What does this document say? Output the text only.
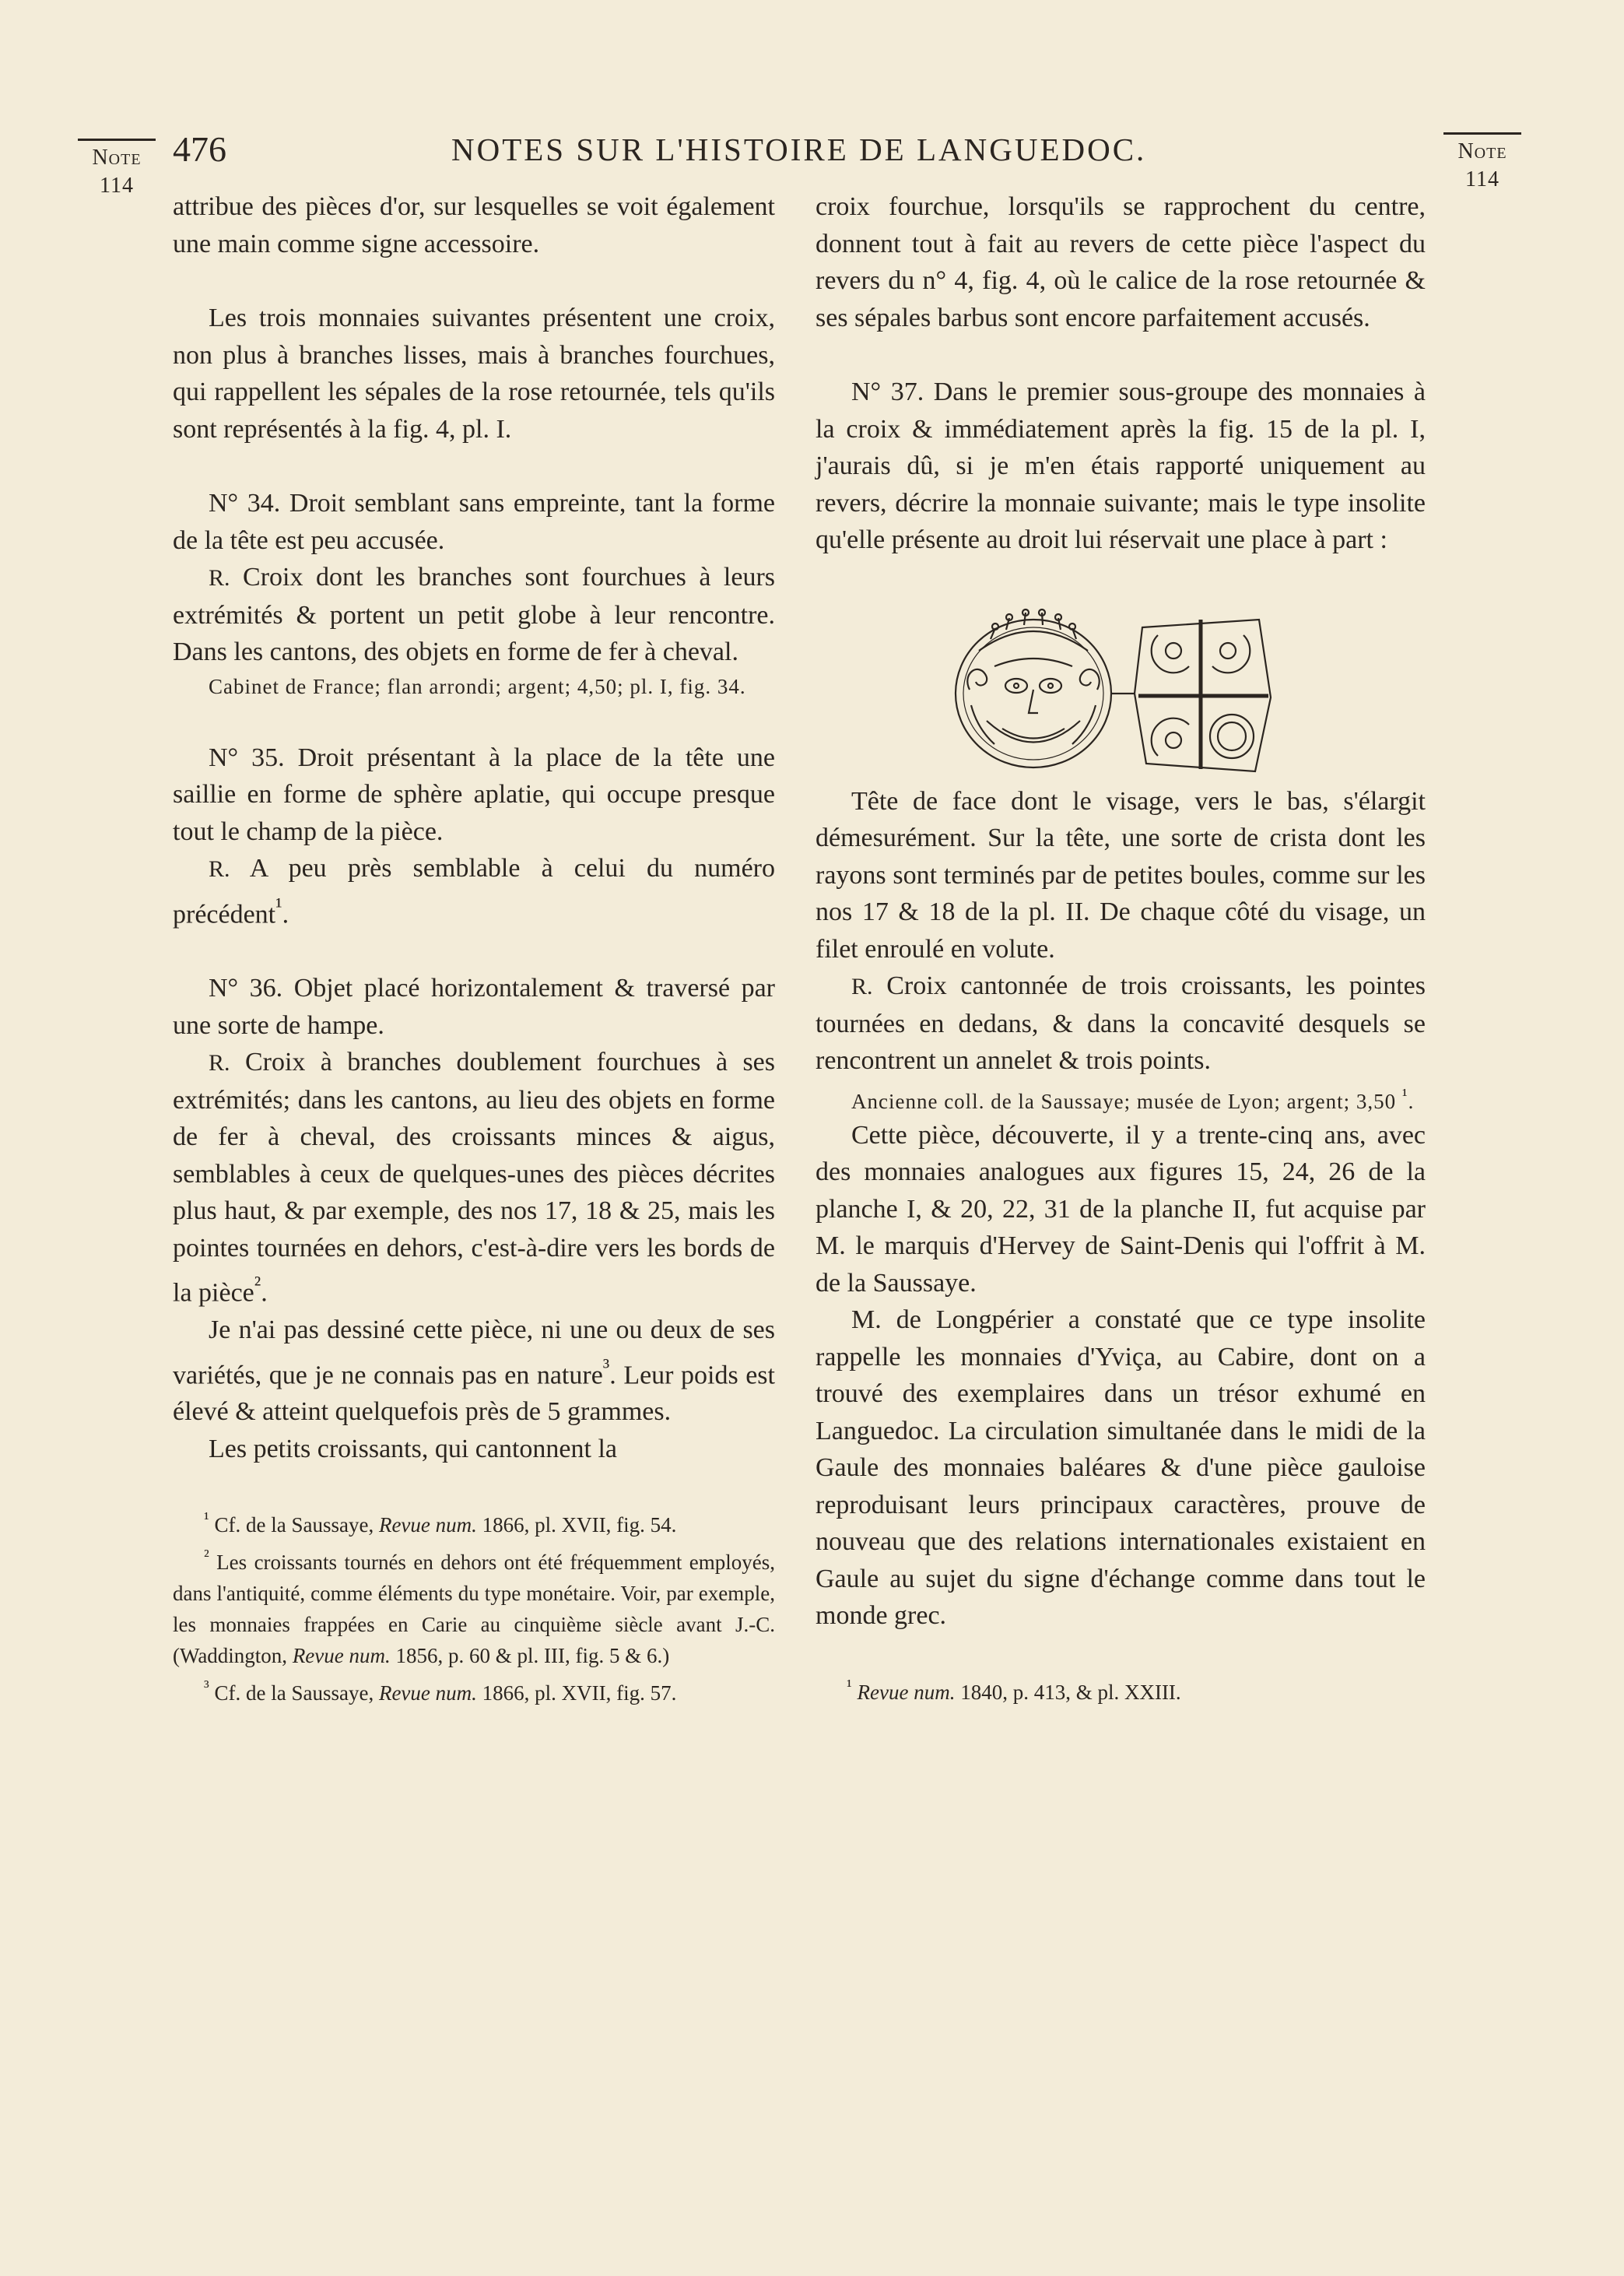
Note
114
476	NOTES SUR L'HISTOIRE DE LANGUEDOC.	Note
114

attribue des pièces d'or, sur lesquelles se voit également une main comme signe accessoire.

Les trois monnaies suivantes présentent une croix, non plus à branches lisses, mais à branches fourchues, qui rappellent les sépales de la rose retournée, tels qu'ils sont représentés à la fig. 4, pl. I.

N° 34. Droit semblant sans empreinte, tant la forme de la tête est peu accusée.

R. Croix dont les branches sont fourchues à leurs extrémités & portent un petit globe à leur rencontre. Dans les cantons, des objets en forme de fer à cheval.

Cabinet de France; flan arrondi; argent; 4,50; pl. I, fig. 34.

N° 35. Droit présentant à la place de la tête une saillie en forme de sphère aplatie, qui occupe presque tout le champ de la pièce.

R. A peu près semblable à celui du numéro précédent$^{^1}$.

N° 36. Objet placé horizontalement & traversé par une sorte de hampe.

R. Croix à branches doublement fourchues à ses extrémités; dans les cantons, au lieu des objets en forme de fer à cheval, des croissants minces & aigus, semblables à ceux de quelques-unes des pièces décrites plus haut, & par exemple, des nos 17, 18 & 25, mais les pointes tournées en dehors, c'est-à-dire vers les bords de la pièce$^{^2}$.

Je n'ai pas dessiné cette pièce, ni une ou deux de ses variétés, que je ne connais pas en nature$^{^3}$. Leur poids est élevé & atteint quelquefois près de 5 grammes.

Les petits croissants, qui cantonnent la

$^{^1}$ Cf. de la Saussaye, Revue num. 1866, pl. XVII, fig. 54.

$^{^2}$ Les croissants tournés en dehors ont été fréquemment employés, dans l'antiquité, comme éléments du type monétaire. Voir, par exemple, les monnaies frappées en Carie au cinquième siècle avant J.-C. (Waddington, Revue num. 1856, p. 60 & pl. III, fig. 5 & 6.)

$^{^3}$ Cf. de la Saussaye, Revue num. 1866, pl. XVII, fig. 57.

croix fourchue, lorsqu'ils se rapprochent du centre, donnent tout à fait au revers de cette pièce l'aspect du revers du n° 4, fig. 4, où le calice de la rose retournée & ses sépales barbus sont encore parfaitement accusés.

N° 37. Dans le premier sous-groupe des monnaies à la croix & immédiatement après la fig. 15 de la pl. I, j'aurais dû, si je m'en étais rapporté uniquement au revers, décrire la monnaie suivante; mais le type insolite qu'elle présente au droit lui réservait une place à part :

Tête de face dont le visage, vers le bas, s'élargit démesurément. Sur la tête, une sorte de crista dont les rayons sont terminés par de petites boules, comme sur les nos 17 & 18 de la pl. II. De chaque côté du visage, un filet enroulé en volute.

R. Croix cantonnée de trois croissants, les pointes tournées en dedans, & dans la concavité desquels se rencontrent un annelet & trois points.

Ancienne coll. de la Saussaye; musée de Lyon; argent; 3,50 $^{^1}$.

Cette pièce, découverte, il y a trente-cinq ans, avec des monnaies analogues aux figures 15, 24, 26 de la planche I, & 20, 22, 31 de la planche II, fut acquise par M. le marquis d'Hervey de Saint-Denis qui l'offrit à M. de la Saussaye.

M. de Longpérier a constaté que ce type insolite rappelle les monnaies d'Yviça, au Cabire, dont on a trouvé des exemplaires dans un trésor exhumé en Languedoc. La circulation simultanée dans le midi de la Gaule des monnaies baléares & d'une pièce gauloise reproduisant leurs principaux caractères, prouve de nouveau que des relations internationales existaient en Gaule au sujet du signe d'échange comme dans tout le monde grec.

$^{^1}$ Revue num. 1840, p. 413, & pl. XXIII.
